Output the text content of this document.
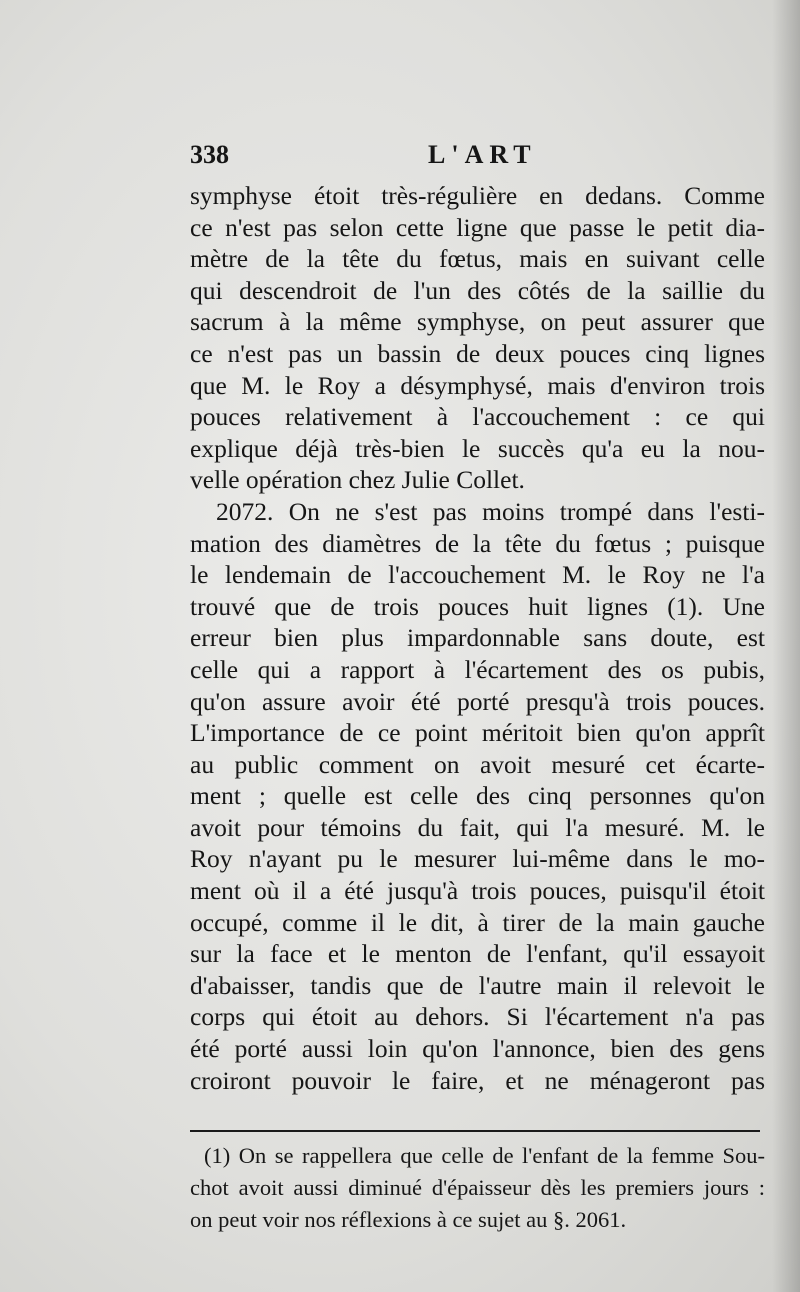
338	L'ART
symphyse étoit très-régulière en dedans. Comme
ce n'est pas selon cette ligne que passe le petit dia-
mètre de la tête du fœtus, mais en suivant celle
qui descendroit de l'un des côtés de la saillie du
sacrum à la même symphyse, on peut assurer que
ce n'est pas un bassin de deux pouces cinq lignes
que M. le Roy a désymphysé, mais d'environ trois
pouces relativement à l'accouchement : ce qui
explique déjà très-bien le succès qu'a eu la nou-
velle opération chez Julie Collet.
2072. On ne s'est pas moins trompé dans l'esti-
mation des diamètres de la tête du fœtus ; puisque
le lendemain de l'accouchement M. le Roy ne l'a
trouvé que de trois pouces huit lignes (1). Une
erreur bien plus impardonnable sans doute, est
celle qui a rapport à l'écartement des os pubis,
qu'on assure avoir été porté presqu'à trois pouces.
L'importance de ce point méritoit bien qu'on apprît
au public comment on avoit mesuré cet écarte-
ment ; quelle est celle des cinq personnes qu'on
avoit pour témoins du fait, qui l'a mesuré. M. le
Roy n'ayant pu le mesurer lui-même dans le mo-
ment où il a été jusqu'à trois pouces, puisqu'il étoit
occupé, comme il le dit, à tirer de la main gauche
sur la face et le menton de l'enfant, qu'il essayoit
d'abaisser, tandis que de l'autre main il relevoit le
corps qui étoit au dehors. Si l'écartement n'a pas
été porté aussi loin qu'on l'annonce, bien des gens
croiront pouvoir le faire, et ne ménageront pas
(1) On se rappellera que celle de l'enfant de la femme Sou-
chot avoit aussi diminué d'épaisseur dès les premiers jours :
on peut voir nos réflexions à ce sujet au §. 2061.
